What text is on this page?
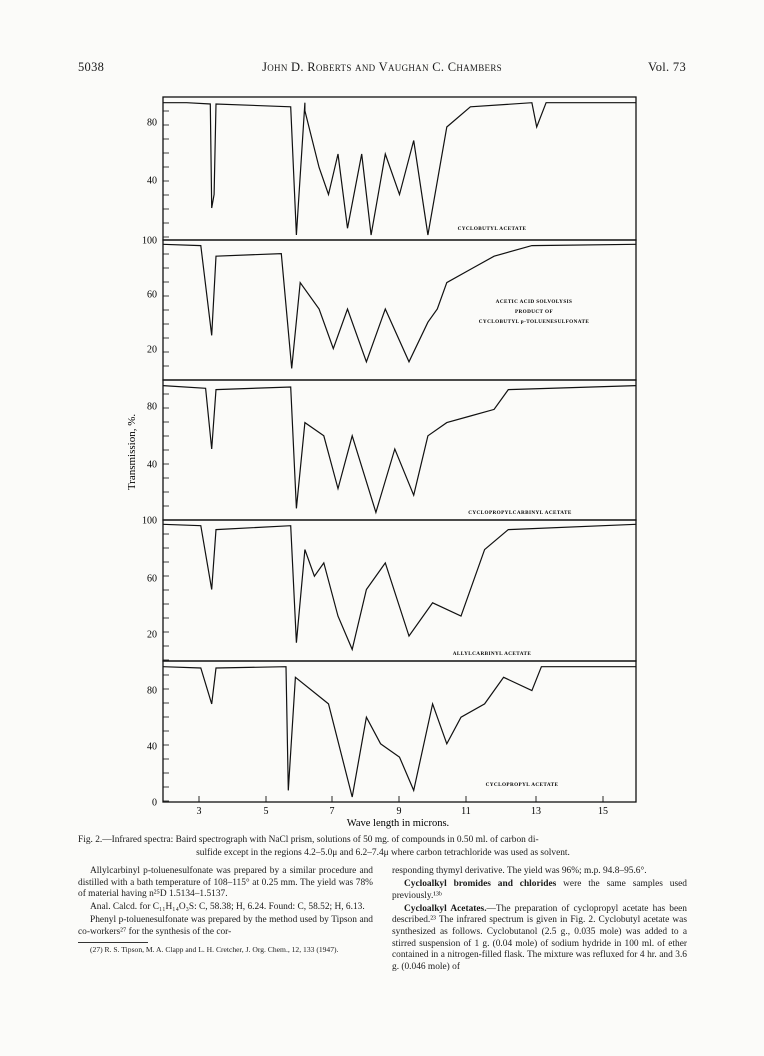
5038	John D. Roberts and Vaughan C. Chambers	Vol. 73
80
40
CYCLOBUTYL ACETATE
100
60
20
ACETIC ACID SOLVOLYSIS
PRODUCT OF
CYCLOBUTYL p-TOLUENESULFONATE
80
40
CYCLOPROPYLCARBINYL ACETATE
100
60
20
ALLYLCARBINYL ACETATE
80
40
0
CYCLOPROPYL ACETATE
Transmission, %.
3	5	7	9	11	13	15
Wave length in microns.
Fig. 2.—Infrared spectra: Baird spectrograph with NaCl prism, solutions of 50 mg. of compounds in 0.50 ml. of carbon di-
sulfide except in the regions 4.2–5.0μ and 6.2–7.4μ where carbon tetrachloride was used as solvent.

Allylcarbinyl p-toluenesulfonate was prepared by a similar procedure and distilled with a bath temperature of 108–115° at 0.25 mm. The yield was 78% of material having n²⁵D 1.5134–1.5137.

Anal. Calcd. for C₁₁H₁₄O₃S: C, 58.38; H, 6.24. Found: C, 58.52; H, 6.13.

Phenyl p-toluenesulfonate was prepared by the method used by Tipson and co-workers²⁷ for the synthesis of the cor-

(27) R. S. Tipson, M. A. Clapp and L. H. Cretcher, J. Org. Chem., 12, 133 (1947).

responding thymyl derivative. The yield was 96%; m.p. 94.8–95.6°.

Cycloalkyl bromides and chlorides were the same samples used previously.¹³ᵇ

Cycloalkyl Acetates.—The preparation of cyclopropyl acetate has been described.²³ The infrared spectrum is given in Fig. 2. Cyclobutyl acetate was synthesized as follows. Cyclobutanol (2.5 g., 0.035 mole) was added to a stirred suspension of 1 g. (0.04 mole) of sodium hydride in 100 ml. of ether contained in a nitrogen-filled flask. The mixture was refluxed for 4 hr. and 3.6 g. (0.046 mole) of
